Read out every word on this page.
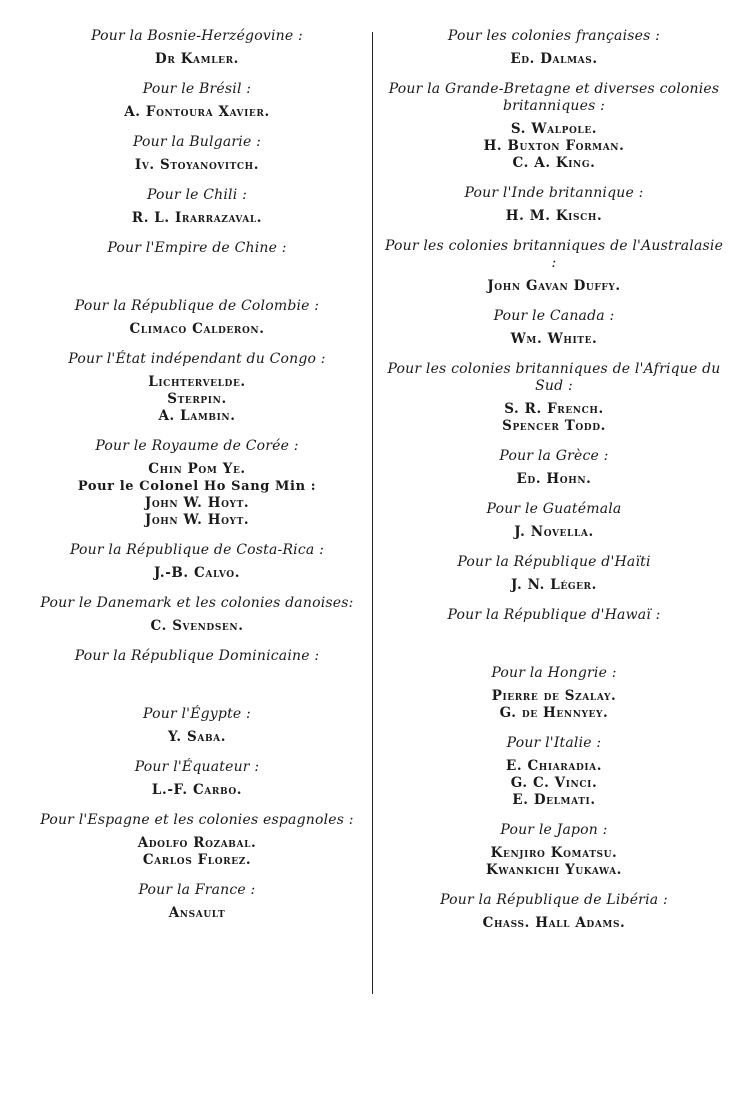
Pour la Bosnie-Herzégovine :
Dr Kamler.
Pour le Brésil :
A. Fontoura Xavier.
Pour la Bulgarie :
Iv. Stoyanovitch.
Pour le Chili :
R. L. Irarrazaval.
Pour l'Empire de Chine :
Pour la République de Colombie :
Climaco Calderon.
Pour l'État indépendant du Congo :
Lichtervelde.
Sterpin.
A. Lambin.
Pour le Royaume de Corée :
Chin Pom Ye.
Pour le Colonel Ho Sang Min :
John W. Hoyt.
John W. Hoyt.
Pour la République de Costa-Rica :
J.-B. Calvo.
Pour le Danemark et les colonies danoises:
C. Svendsen.
Pour la République Dominicaine :
Pour l'Égypte :
Y. Saba.
Pour l'Équateur :
L.-F. Carbo.
Pour l'Espagne et les colonies espagnoles :
Adolfo Rozabal.
Carlos Florez.
Pour la France :
Ansault
Pour les colonies françaises :
Ed. Dalmas.
Pour la Grande-Bretagne et diverses colonies britanniques :
S. Walpole.
H. Buxton Forman.
C. A. King.
Pour l'Inde britannique :
H. M. Kisch.
Pour les colonies britanniques de l'Australasie :
John Gavan Duffy.
Pour le Canada :
Wm. White.
Pour les colonies britanniques de l'Afrique du Sud :
S. R. French.
Spencer Todd.
Pour la Grèce :
Ed. Hohn.
Pour le Guatémala
J. Novella.
Pour la République d'Haïti
J. N. Léger.
Pour la République d'Hawaï :
Pour la Hongrie :
Pierre de Szalay.
G. de Hennyey.
Pour l'Italie :
E. Chiaradia.
G. C. Vinci.
E. Delmati.
Pour le Japon :
Kenjiro Komatsu.
Kwankichi Yukawa.
Pour la République de Libéria :
Chass. Hall Adams.
